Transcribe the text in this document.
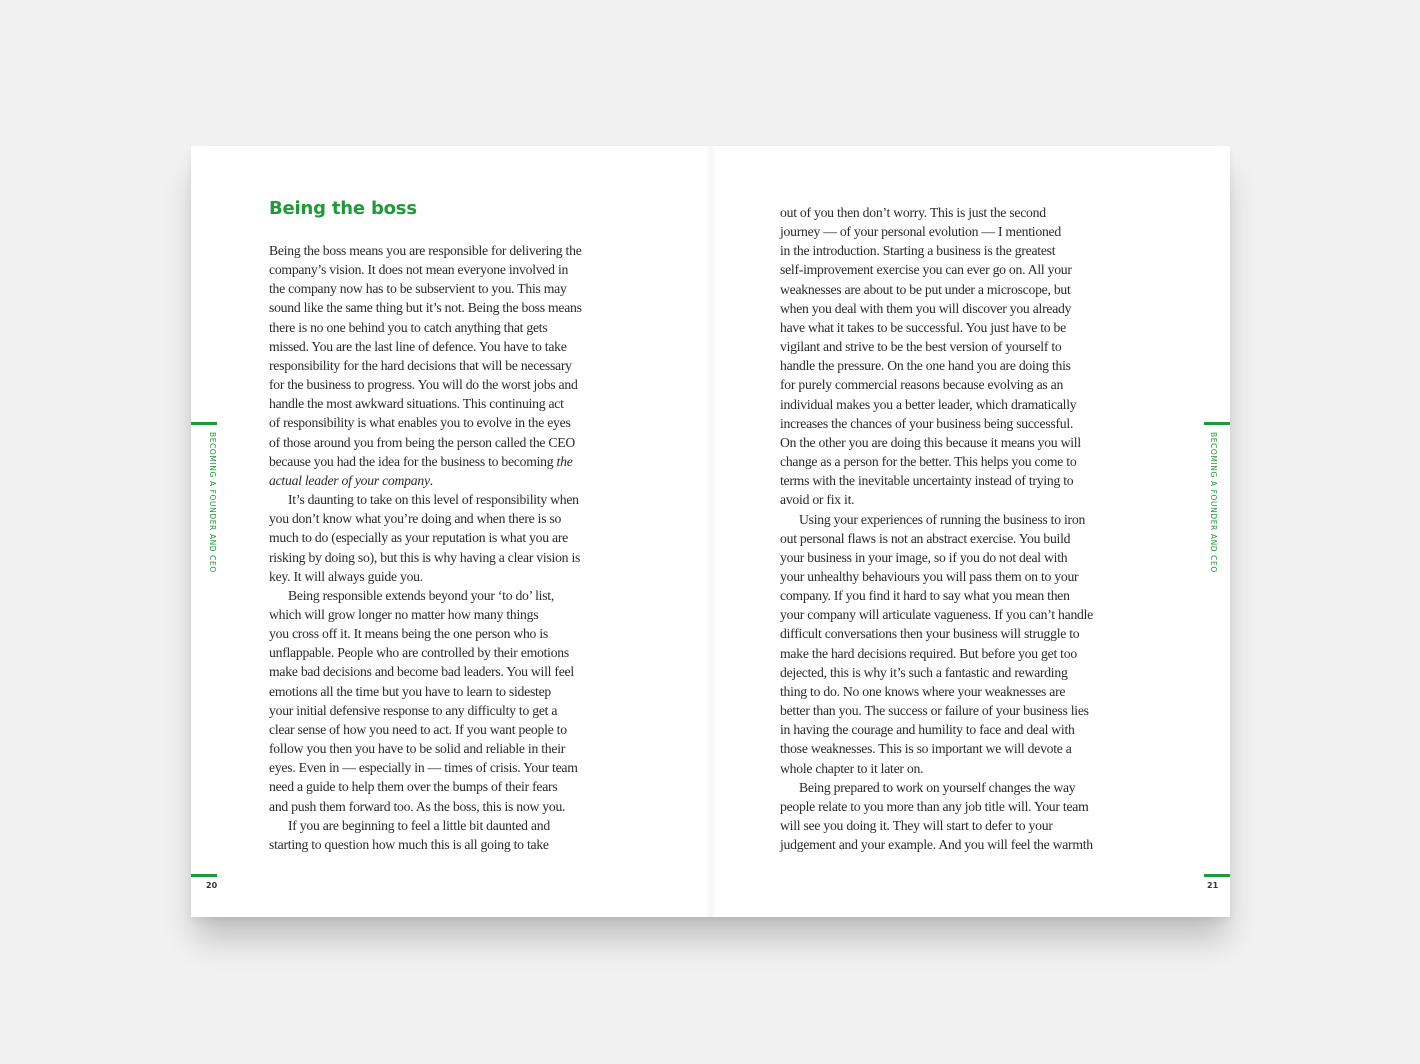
Being the boss
Being the boss means you are responsible for delivering the
company’s vision. It does not mean everyone involved in
the company now has to be subservient to you. This may
sound like the same thing but it’s not. Being the boss means
there is no one behind you to catch anything that gets
missed. You are the last line of defence. You have to take
responsibility for the hard decisions that will be necessary
for the business to progress. You will do the worst jobs and
handle the most awkward situations. This continuing act
of responsibility is what enables you to evolve in the eyes
of those around you from being the person called the CEO
because you had the idea for the business to becoming the
actual leader of your company.
It’s daunting to take on this level of responsibility when
you don’t know what you’re doing and when there is so
much to do (especially as your reputation is what you are
risking by doing so), but this is why having a clear vision is
key. It will always guide you.
Being responsible extends beyond your ‘to do’ list,
which will grow longer no matter how many things
you cross off it. It means being the one person who is
unflappable. People who are controlled by their emotions
make bad decisions and become bad leaders. You will feel
emotions all the time but you have to learn to sidestep
your initial defensive response to any difficulty to get a
clear sense of how you need to act. If you want people to
follow you then you have to be solid and reliable in their
eyes. Even in — especially in — times of crisis. Your team
need a guide to help them over the bumps of their fears
and push them forward too. As the boss, this is now you.
If you are beginning to feel a little bit daunted and
starting to question how much this is all going to take
BECOMING A FOUNDER AND CEO
20
out of you then don’t worry. This is just the second
journey — of your personal evolution — I mentioned
in the introduction. Starting a business is the greatest
self-improvement exercise you can ever go on. All your
weaknesses are about to be put under a microscope, but
when you deal with them you will discover you already
have what it takes to be successful. You just have to be
vigilant and strive to be the best version of yourself to
handle the pressure. On the one hand you are doing this
for purely commercial reasons because evolving as an
individual makes you a better leader, which dramatically
increases the chances of your business being successful.
On the other you are doing this because it means you will
change as a person for the better. This helps you come to
terms with the inevitable uncertainty instead of trying to
avoid or fix it.
Using your experiences of running the business to iron
out personal flaws is not an abstract exercise. You build
your business in your image, so if you do not deal with
your unhealthy behaviours you will pass them on to your
company. If you find it hard to say what you mean then
your company will articulate vagueness. If you can’t handle
difficult conversations then your business will struggle to
make the hard decisions required. But before you get too
dejected, this is why it’s such a fantastic and rewarding
thing to do. No one knows where your weaknesses are
better than you. The success or failure of your business lies
in having the courage and humility to face and deal with
those weaknesses. This is so important we will devote a
whole chapter to it later on.
Being prepared to work on yourself changes the way
people relate to you more than any job title will. Your team
will see you doing it. They will start to defer to your
judgement and your example. And you will feel the warmth
BECOMING A FOUNDER AND CEO
21
